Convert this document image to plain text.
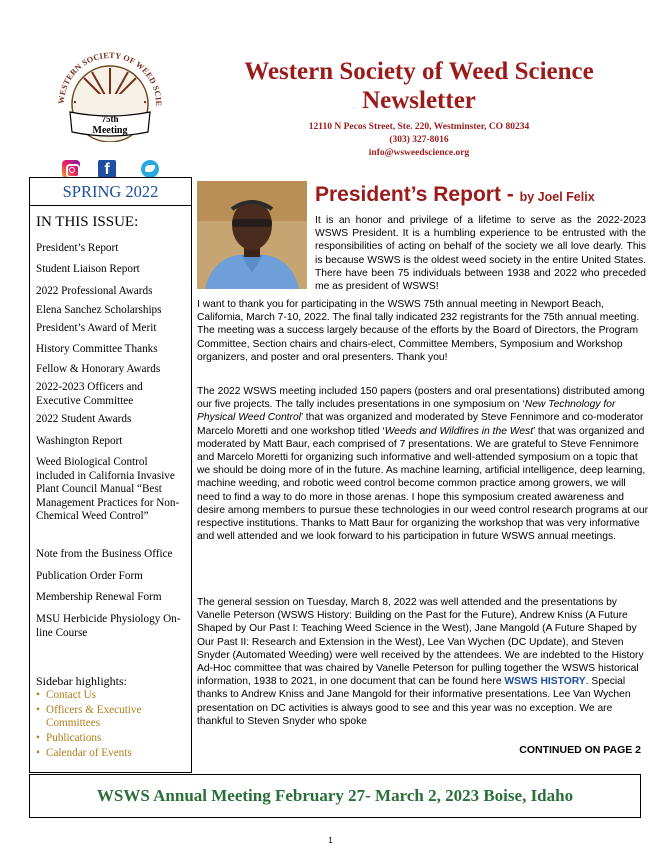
WESTERN SOCIETY OF WEED SCIE
75th
Meeting
Western Society of Weed Science
Newsletter
12110 N Pecos Street, Ste. 220, Westminster, CO 80234
(303) 327-8016
info@wsweedscience.org
f
SPRING 2022
IN THIS ISSUE:
President’s Report
Student Liaison Report
2022 Professional Awards
Elena Sanchez Scholarships
President’s Award of Merit
History Committee Thanks
Fellow & Honorary Awards
2022-2023 Officers and Executive Committee
2022 Student Awards
Washington Report
Weed Biological Control included in California Invasive Plant Council Manual “Best Management Practices for Non-Chemical Weed Control”
Note from the Business Office
Publication Order Form
Membership Renewal Form
MSU Herbicide Physiology On-line Course
Sidebar highlights:
• Contact Us
• Officers & Executive Committees
• Publications
• Calendar of Events
President’s Report - by Joel Felix
It is an honor and privilege of a lifetime to serve as the 2022-2023 WSWS President. It is a humbling experience to be entrusted with the responsibilities of acting on behalf of the society we all love dearly. This is because WSWS is the oldest weed society in the entire United States. There have been 75 individuals between 1938 and 2022 who preceded me as president of WSWS!
I want to thank you for participating in the WSWS 75th annual meeting in Newport Beach, California, March 7-10, 2022. The final tally indicated 232 registrants for the 75th annual meeting. The meeting was a success largely because of the efforts by the Board of Directors, the Program Committee, Section chairs and chairs-elect, Committee Members, Symposium and Workshop organizers, and poster and oral presenters. Thank you!
The 2022 WSWS meeting included 150 papers (posters and oral presentations) distributed among our five projects. The tally includes presentations in one symposium on ‘New Technology for Physical Weed Control’ that was organized and moderated by Steve Fennimore and co-moderator Marcelo Moretti and one workshop titled ‘Weeds and Wildfires in the West’ that was organized and moderated by Matt Baur, each comprised of 7 presentations. We are grateful to Steve Fennimore and Marcelo Moretti for organizing such informative and well-attended symposium on a topic that we should be doing more of in the future. As machine learning, artificial intelligence, deep learning, machine weeding, and robotic weed control become common practice among growers, we will need to find a way to do more in those arenas. I hope this symposium created awareness and desire among members to pursue these technologies in our weed control research programs at our respective institutions. Thanks to Matt Baur for organizing the workshop that was very informative and well attended and we look forward to his participation in future WSWS annual meetings.
The general session on Tuesday, March 8, 2022 was well attended and the presentations by Vanelle Peterson (WSWS History: Building on the Past for the Future), Andrew Kniss (A Future Shaped by Our Past I: Teaching Weed Science in the West), Jane Mangold (A Future Shaped by Our Past II: Research and Extension in the West), Lee Van Wychen (DC Update), and Steven Snyder (Automated Weeding) were well received by the attendees. We are indebted to the History Ad-Hoc committee that was chaired by Vanelle Peterson for pulling together the WSWS historical information, 1938 to 2021, in one document that can be found here WSWS HISTORY. Special thanks to Andrew Kniss and Jane Mangold for their informative presentations. Lee Van Wychen presentation on DC activities is always good to see and this year was no exception. We are thankful to Steven Snyder who spoke
CONTINUED ON PAGE 2
WSWS Annual Meeting February 27- March 2, 2023 Boise, Idaho
1
